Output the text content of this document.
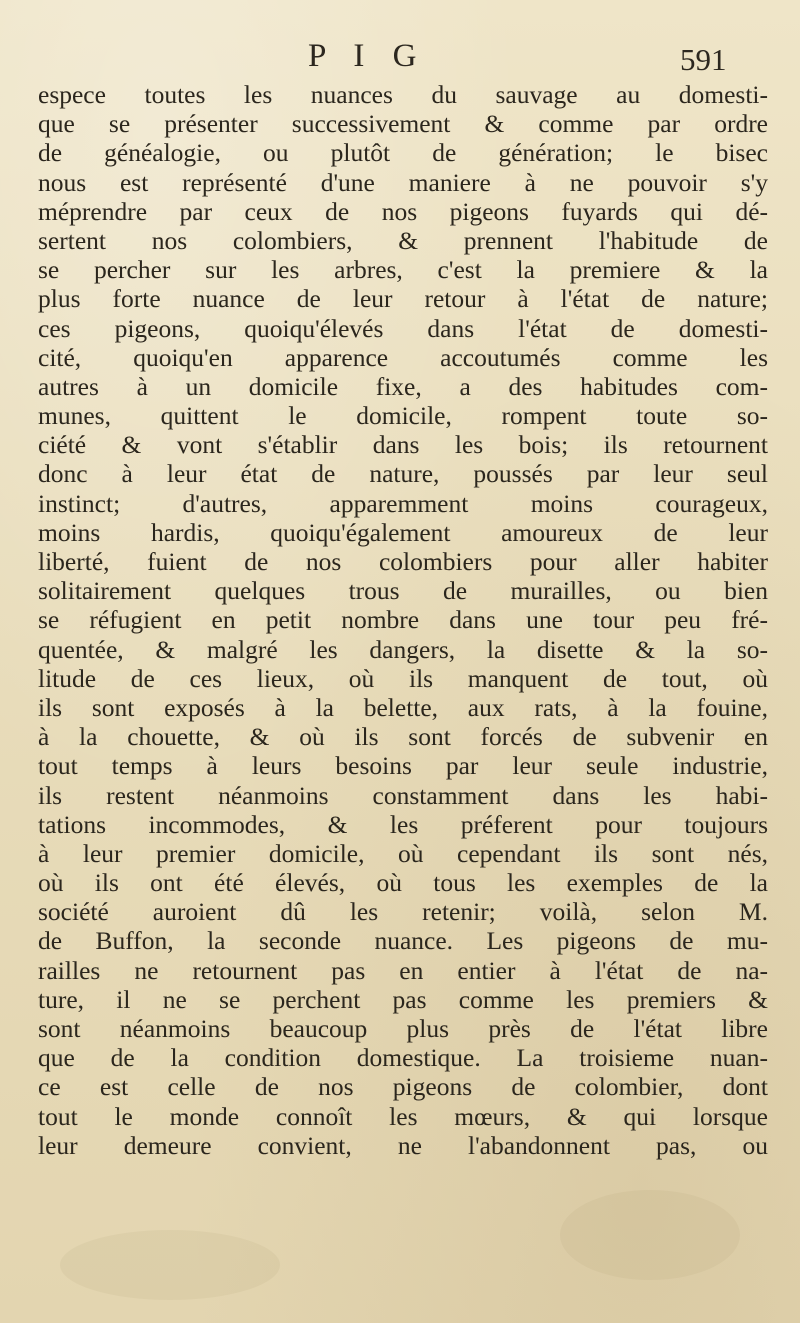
P I G	591
espece toutes les nuances du sauvage au domesti-
que se présenter successivement & comme par ordre
de généalogie, ou plutôt de génération; le bisec
nous est représenté d'une maniere à ne pouvoir s'y
méprendre par ceux de nos pigeons fuyards qui dé-
sertent nos colombiers, & prennent l'habitude de
se percher sur les arbres, c'est la premiere & la
plus forte nuance de leur retour à l'état de nature;
ces pigeons, quoiqu'élevés dans l'état de domesti-
cité, quoiqu'en apparence accoutumés comme les
autres à un domicile fixe, a des habitudes com-
munes, quittent le domicile, rompent toute so-
ciété & vont s'établir dans les bois; ils retournent
donc à leur état de nature, poussés par leur seul
instinct; d'autres, apparemment moins courageux,
moins hardis, quoiqu'également amoureux de leur
liberté, fuient de nos colombiers pour aller habiter
solitairement quelques trous de murailles, ou bien
se réfugient en petit nombre dans une tour peu fré-
quentée, & malgré les dangers, la disette & la so-
litude de ces lieux, où ils manquent de tout, où
ils sont exposés à la belette, aux rats, à la fouine,
à la chouette, & où ils sont forcés de subvenir en
tout temps à leurs besoins par leur seule industrie,
ils restent néanmoins constamment dans les habi-
tations incommodes, & les préferent pour toujours
à leur premier domicile, où cependant ils sont nés,
où ils ont été élevés, où tous les exemples de la
société auroient dû les retenir; voilà, selon M.
de Buffon, la seconde nuance. Les pigeons de mu-
railles ne retournent pas en entier à l'état de na-
ture, il ne se perchent pas comme les premiers &
sont néanmoins beaucoup plus près de l'état libre
que de la condition domestique. La troisieme nuan-
ce est celle de nos pigeons de colombier, dont
tout le monde connoît les mœurs, & qui lorsque
leur demeure convient, ne l'abandonnent pas, ou
